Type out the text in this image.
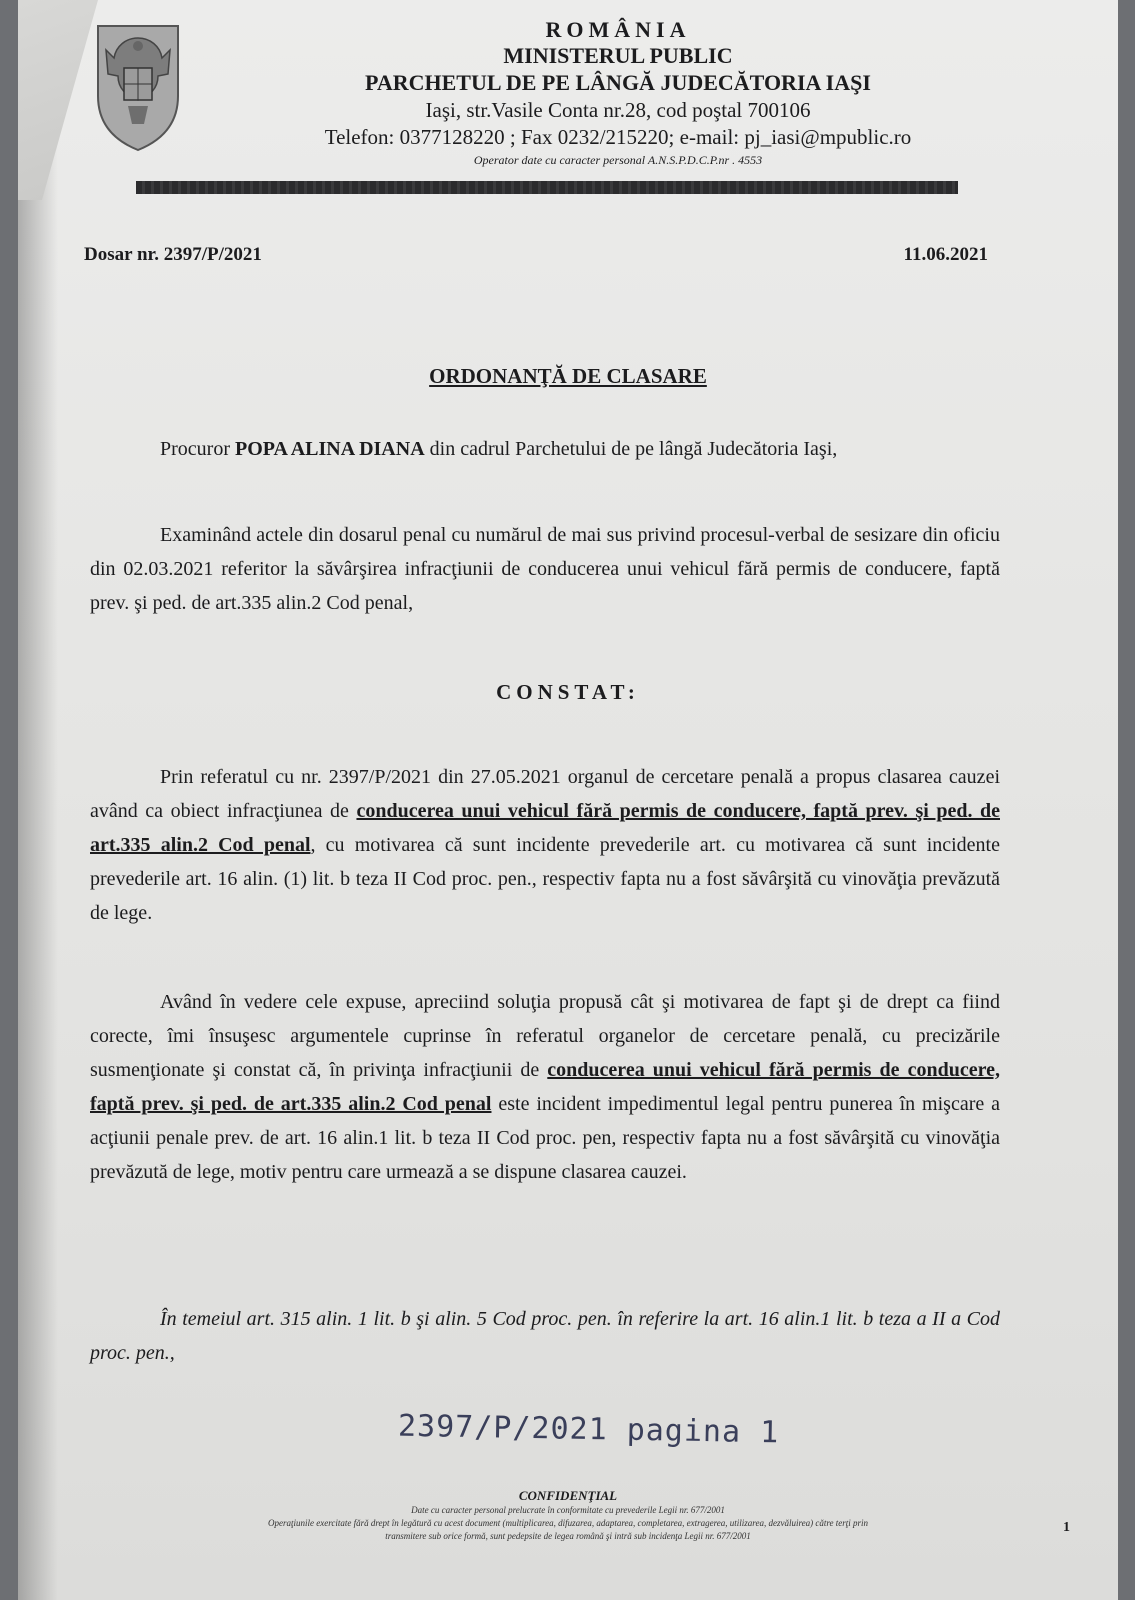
ROMÂNIA
MINISTERUL PUBLIC
PARCHETUL DE PE LÂNGĂ JUDECĂTORIA IAŞI
Iaşi, str.Vasile Conta nr.28, cod poştal 700106
Telefon: 0377128220 ; Fax 0232/215220; e-mail: pj_iasi@mpublic.ro
Operator date cu caracter personal A.N.S.P.D.C.P.nr . 4553
Dosar nr. 2397/P/2021	11.06.2021
ORDONANŢĂ DE CLASARE
Procuror POPA ALINA DIANA din cadrul Parchetului de pe lângă Judecătoria Iaşi,
Examinând actele din dosarul penal cu numărul de mai sus privind procesul-verbal de sesizare din oficiu din 02.03.2021 referitor la săvârşirea infracţiunii de conducerea unui vehicul fără permis de conducere, faptă prev. şi ped. de art.335 alin.2 Cod penal,
CONSTAT:
Prin referatul cu nr. 2397/P/2021 din 27.05.2021 organul de cercetare penală a propus clasarea cauzei având ca obiect infracţiunea de conducerea unui vehicul fără permis de conducere, faptă prev. şi ped. de art.335 alin.2 Cod penal, cu motivarea că sunt incidente prevederile art. cu motivarea că sunt incidente prevederile art. 16 alin. (1) lit. b teza II Cod proc. pen., respectiv fapta nu a fost săvârşită cu vinovăţia prevăzută de lege.
Având în vedere cele expuse, apreciind soluţia propusă cât şi motivarea de fapt şi de drept ca fiind corecte, îmi însuşesc argumentele cuprinse în referatul organelor de cercetare penală, cu precizările susmenţionate şi constat că, în privinţa infracţiunii de conducerea unui vehicul fără permis de conducere, faptă prev. şi ped. de art.335 alin.2 Cod penal este incident impedimentul legal pentru punerea în mişcare a acţiunii penale prev. de art. 16 alin.1 lit. b teza II Cod proc. pen, respectiv fapta nu a fost săvârşită cu vinovăţia prevăzută de lege, motiv pentru care urmează a se dispune clasarea cauzei.
În temeiul art. 315 alin. 1 lit. b şi alin. 5 Cod proc. pen. în referire la art. 16 alin.1 lit. b teza a II a Cod proc. pen.,
2397/P/2021 pagina 1
CONFIDENŢIAL
Date cu caracter personal prelucrate în conformitate cu prevederile Legii nr. 677/2001
Operaţiunile exercitate fără drept în legătură cu acest document (multiplicarea, difuzarea, adaptarea, completarea, extragerea, utilizarea, dezvăluirea) către terţi prin
transmitere sub orice formă, sunt pedepsite de legea română şi intră sub incidenţa Legii nr. 677/2001
1
